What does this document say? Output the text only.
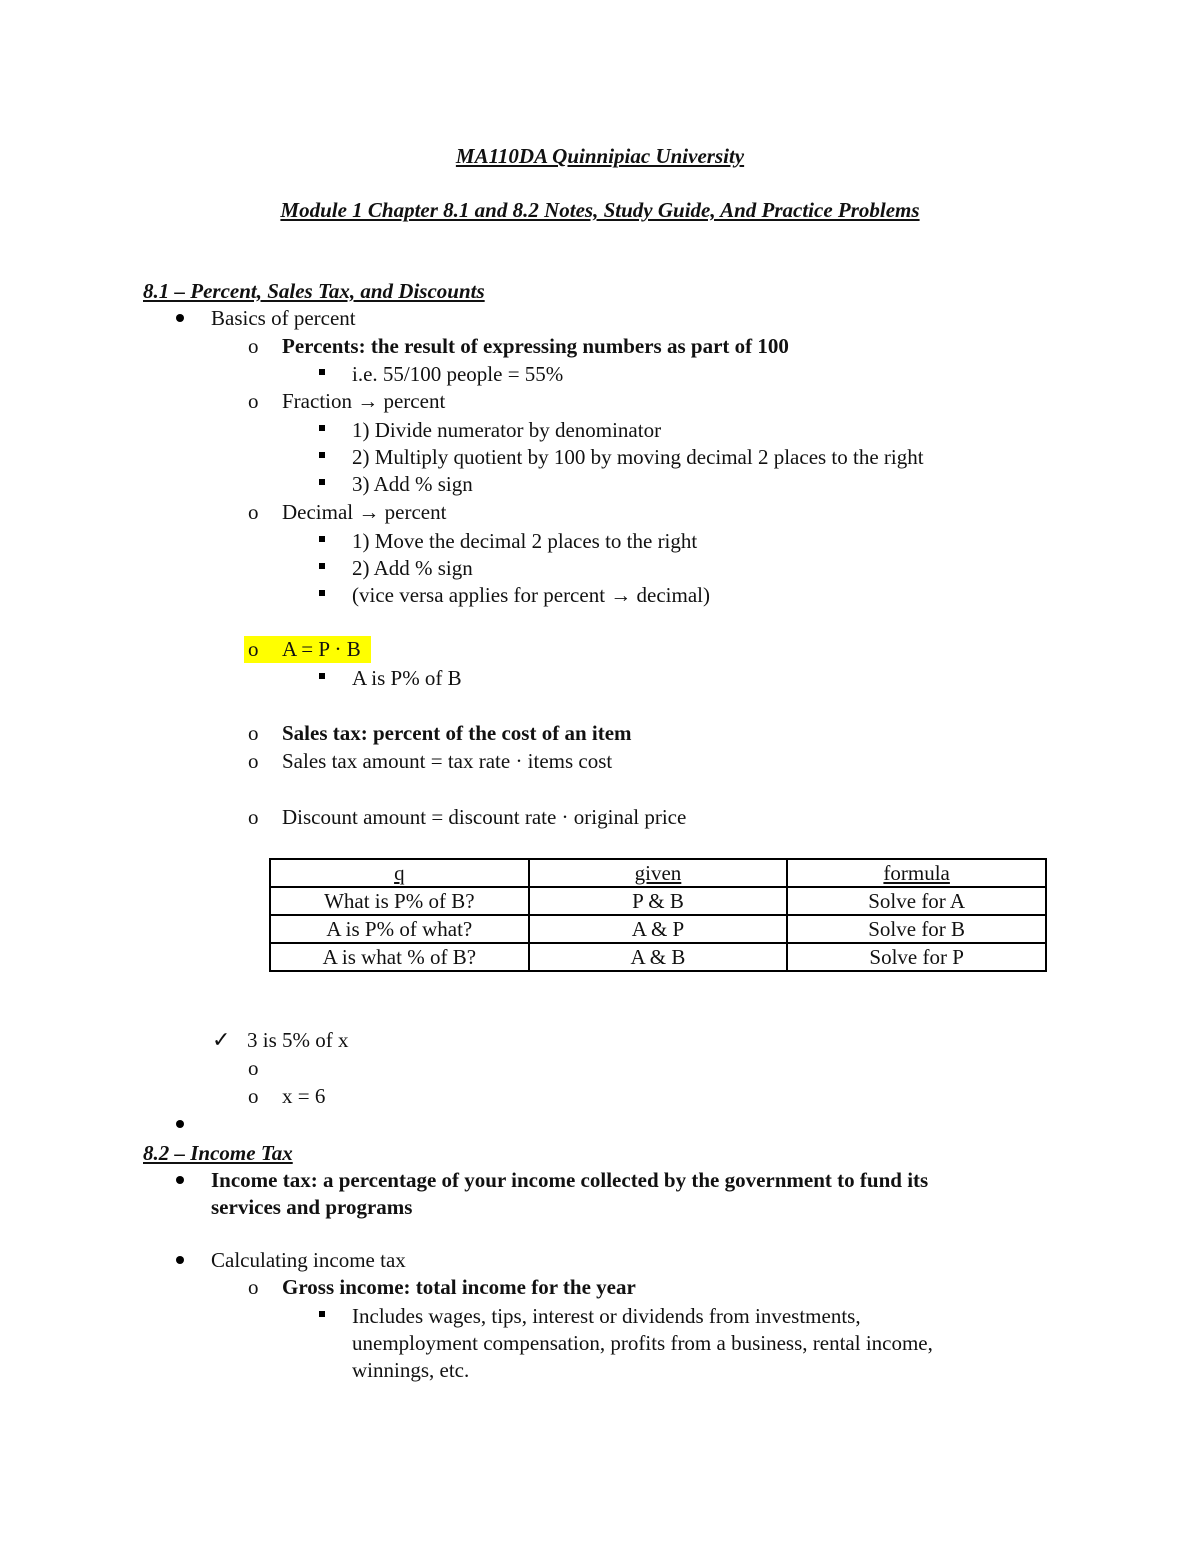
MA110DA Quinnipiac University
Module 1 Chapter 8.1 and 8.2 Notes, Study Guide, And Practice Problems
8.1 – Percent, Sales Tax, and Discounts
Basics of percent
o Percents: the result of expressing numbers as part of 100
i.e. 55/100 people = 55%
o Fraction → percent
1) Divide numerator by denominator
2) Multiply quotient by 100 by moving decimal 2 places to the right
3) Add % sign
o Decimal → percent
1) Move the decimal 2 places to the right
2) Add % sign
(vice versa applies for percent → decimal)
o A = P · B
A is P% of B
o Sales tax: percent of the cost of an item
o Sales tax amount = tax rate · items cost
o Discount amount = discount rate · original price
q	given	formula
What is P% of B?	P & B	Solve for A
A is P% of what?	A & P	Solve for B
A is what % of B?	A & B	Solve for P
✓ 3 is 5% of x
o
o x = 6
8.2 – Income Tax
Income tax: a percentage of your income collected by the government to fund its
services and programs
Calculating income tax
o Gross income: total income for the year
Includes wages, tips, interest or dividends from investments,
unemployment compensation, profits from a business, rental income,
winnings, etc.
